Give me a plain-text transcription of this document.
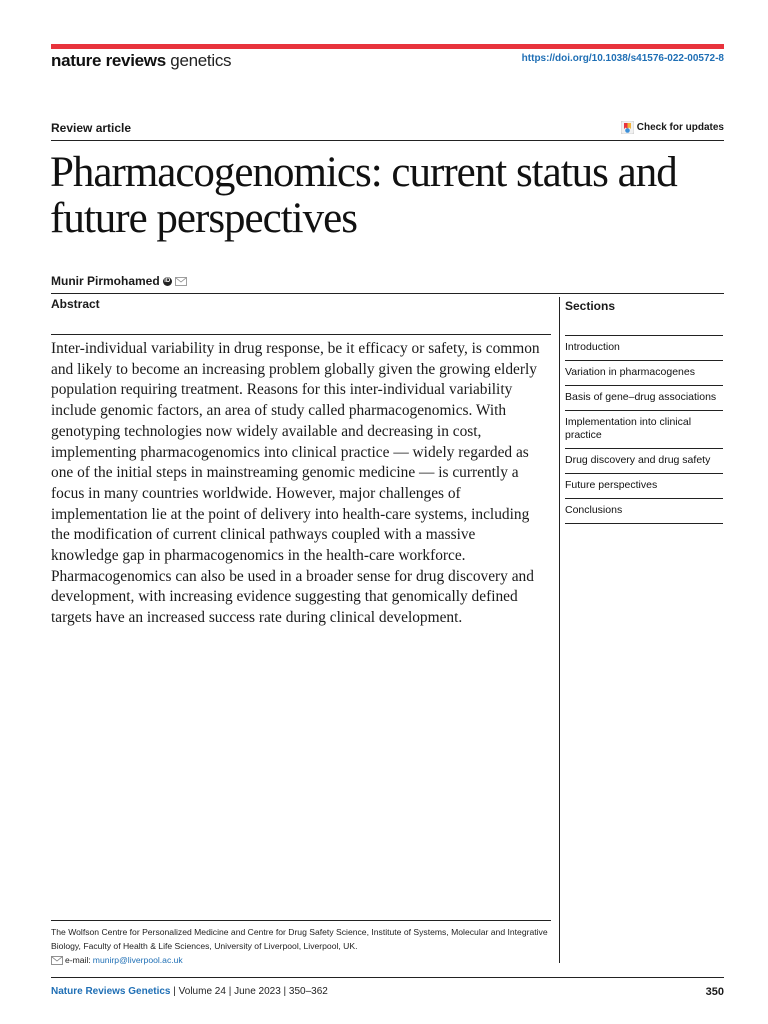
nature reviews genetics	https://doi.org/10.1038/s41576-022-00572-8
Review article	Check for updates
Pharmacogenomics: current status and future perspectives
Munir Pirmohamed iD
Abstract

Inter-individual variability in drug response, be it efficacy or safety, is common and likely to become an increasing problem globally given the growing elderly population requiring treatment. Reasons for this inter-individual variability include genomic factors, an area of study called pharmacogenomics. With genotyping technologies now widely available and decreasing in cost, implementing pharmacogenomics into clinical practice — widely regarded as one of the initial steps in mainstreaming genomic medicine — is currently a focus in many countries worldwide. However, major challenges of implementation lie at the point of delivery into health-care systems, including the modification of current clinical pathways coupled with a massive knowledge gap in pharmacogenomics in the health-care workforce. Pharmacogenomics can also be used in a broader sense for drug discovery and development, with increasing evidence suggesting that genomically defined targets have an increased success rate during clinical development.

Sections
Introduction
Variation in pharmacogenes
Basis of gene–drug associations
Implementation into clinical practice
Drug discovery and drug safety
Future perspectives
Conclusions
The Wolfson Centre for Personalized Medicine and Centre for Drug Safety Science, Institute of Systems, Molecular and Integrative Biology, Faculty of Health & Life Sciences, University of Liverpool, Liverpool, UK.
e-mail: munirp@liverpool.ac.uk
Nature Reviews Genetics | Volume 24 | June 2023 | 350–362	350
